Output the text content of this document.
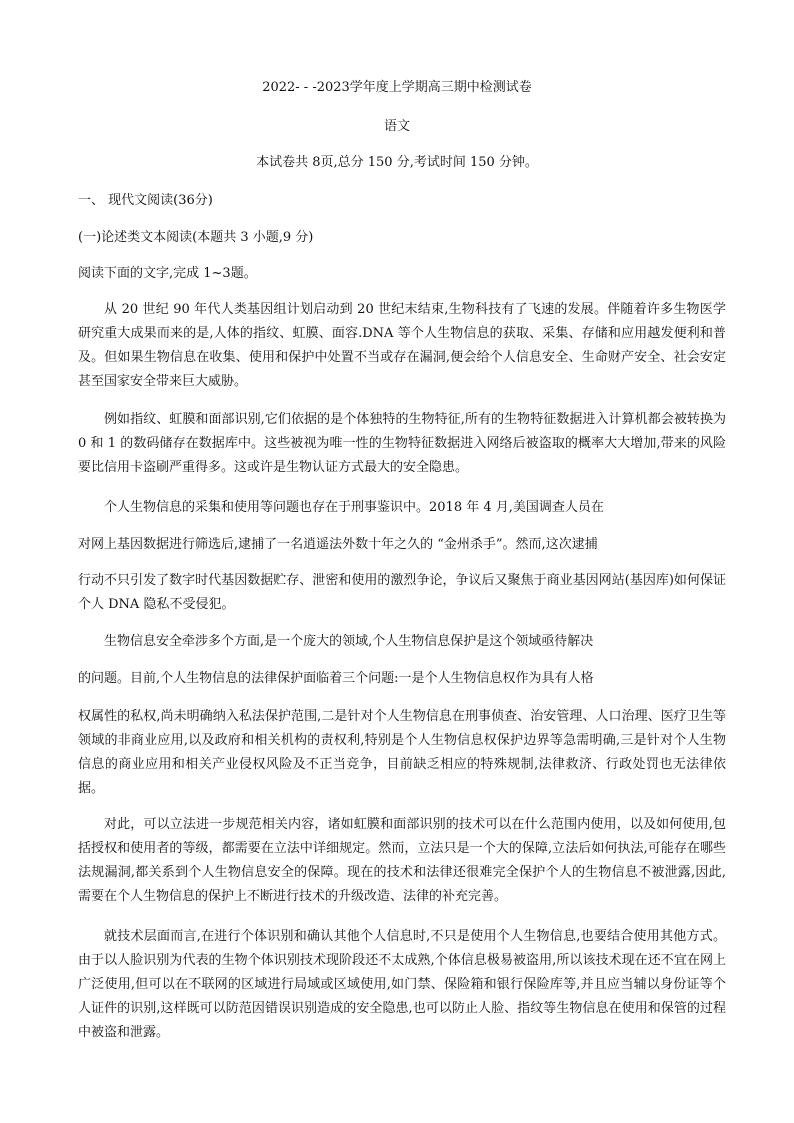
2022- - -2023学年度上学期高三期中检测试卷
语文
本试卷共 8页,总分 150 分,考试时间 150 分钟。
一、 现代文阅读(36分)
(一)论述类文本阅读(本题共 3 小题,9 分)
阅读下面的文字,完成 1~3题。

从 20 世纪 90 年代人类基因组计划启动到 20 世纪末结束,生物科技有了飞速的发展。伴随着许多生物医学研究重大成果而来的是,人体的指纹、虹膜、面容.DNA 等个人生物信息的获取、采集、存储和应用越发便利和普及。但如果生物信息在收集、使用和保护中处置不当或存在漏洞,便会给个人信息安全、生命财产安全、社会安定甚至国家安全带来巨大威胁。

例如指纹、虹膜和面部识别,它们依据的是个体独特的生物特征,所有的生物特征数据进入计算机都会被转换为 0 和 1 的数码储存在数据库中。这些被视为唯一性的生物特征数据进入网络后被盗取的概率大大增加,带来的风险要比信用卡盗刷严重得多。这或许是生物认证方式最大的安全隐患。

个人生物信息的采集和使用等问题也存在于刑事鉴识中。2018 年 4 月,美国调查人员在

对网上基因数据进行筛选后,逮捕了一名逍遥法外数十年之久的 “金州杀手”。然而,这次逮捕

行动不只引发了数字时代基因数据贮存、泄密和使用的激烈争论，争议后又聚焦于商业基因网站(基因库)如何保证个人 DNA 隐私不受侵犯。

生物信息安全牵涉多个方面,是一个庞大的领域,个人生物信息保护是这个领域亟待解决

的问题。目前,个人生物信息的法律保护面临着三个问题:一是个人生物信息权作为具有人格

权属性的私权,尚未明确纳入私法保护范围,二是针对个人生物信息在刑事侦查、治安管理、人口治理、医疗卫生等领域的非商业应用,以及政府和相关机构的责权利,特别是个人生物信息权保护边界等急需明确,三是针对个人生物信息的商业应用和相关产业侵权风险及不正当竞争，目前缺乏相应的特殊规制,法律救济、行政处罚也无法律依据。

对此，可以立法进一步规范相关内容，诸如虹膜和面部识别的技术可以在什么范围内使用，以及如何使用,包括授权和使用者的等级，都需要在立法中详细规定。然而，立法只是一个大的保障,立法后如何执法,可能存在哪些法规漏洞,都关系到个人生物信息安全的保障。现在的技术和法律还很难完全保护个人的生物信息不被泄露,因此,需要在个人生物信息的保护上不断进行技术的升级改造、法律的补充完善。

就技术层面而言,在进行个体识别和确认其他个人信息时,不只是使用个人生物信息,也要结合使用其他方式。由于以人脸识别为代表的生物个体识别技术现阶段还不太成熟,个体信息极易被盗用,所以该技术现在还不宜在网上广泛使用,但可以在不联网的区域进行局域或区域使用,如门禁、保险箱和银行保险库等,并且应当辅以身份证等个人证件的识别,这样既可以防范因错误识别造成的安全隐患,也可以防止人脸、指纹等生物信息在使用和保管的过程中被盗和泄露。
